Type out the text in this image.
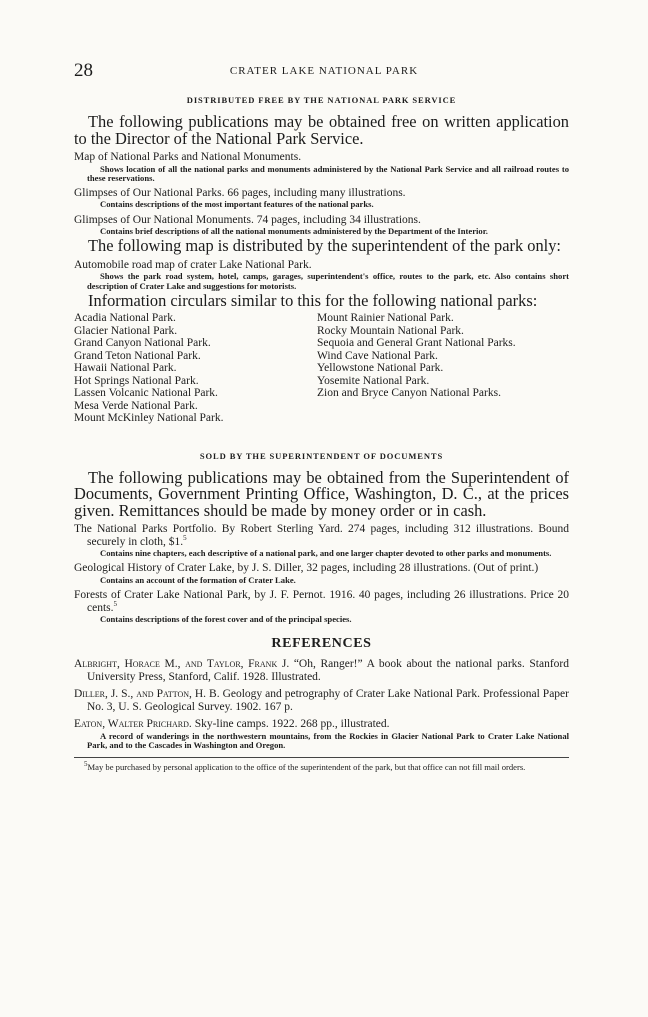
28	CRATER LAKE NATIONAL PARK
DISTRIBUTED FREE BY THE NATIONAL PARK SERVICE

The following publications may be obtained free on written application to the Director of the National Park Service.

Map of National Parks and National Monuments.

Shows location of all the national parks and monuments administered by the National Park Service and all railroad routes to these reservations.

Glimpses of Our National Parks. 66 pages, including many illustrations.

Contains descriptions of the most important features of the national parks.

Glimpses of Our National Monuments. 74 pages, including 34 illustrations.

Contains brief descriptions of all the national monuments administered by the Department of the Interior.

The following map is distributed by the superintendent of the park only:

Automobile road map of crater Lake National Park.

Shows the park road system, hotel, camps, garages, superintendent's office, routes to the park, etc. Also contains short description of Crater Lake and suggestions for motorists.

Information circulars similar to this for the following national parks:

Acadia National Park.
Glacier National Park.
Grand Canyon National Park.
Grand Teton National Park.
Hawaii National Park.
Hot Springs National Park.
Lassen Volcanic National Park.
Mesa Verde National Park.
Mount McKinley National Park.
Mount Rainier National Park.
Rocky Mountain National Park.
Sequoia and General Grant National Parks.
Wind Cave National Park.
Yellowstone National Park.
Yosemite National Park.
Zion and Bryce Canyon National Parks.
SOLD BY THE SUPERINTENDENT OF DOCUMENTS

The following publications may be obtained from the Superintendent of Documents, Government Printing Office, Washington, D. C., at the prices given. Remittances should be made by money order or in cash.

The National Parks Portfolio. By Robert Sterling Yard. 274 pages, including 312 illustrations. Bound securely in cloth, $1.$^5$

Contains nine chapters, each descriptive of a national park, and one larger chapter devoted to other parks and monuments.

Geological History of Crater Lake, by J. S. Diller, 32 pages, including 28 illustrations. (Out of print.)

Contains an account of the formation of Crater Lake.

Forests of Crater Lake National Park, by J. F. Pernot. 1916. 40 pages, including 26 illustrations. Price 20 cents.$^5$

Contains descriptions of the forest cover and of the principal species.

REFERENCES
Albright, Horace M., and Taylor, Frank J. “Oh, Ranger!” A book about the national parks. Stanford University Press, Stanford, Calif. 1928. Illustrated.
Diller, J. S., and Patton, H. B. Geology and petrography of Crater Lake National Park. Professional Paper No. 3, U. S. Geological Survey. 1902. 167 p.
Eaton, Walter Prichard. Sky-line camps. 1922. 268 pp., illustrated.

A record of wanderings in the northwestern mountains, from the Rockies in Glacier National Park to Crater Lake National Park, and to the Cascades in Washington and Oregon.

$^5$May be purchased by personal application to the office of the superintendent of the park, but that office can not fill mail orders.
